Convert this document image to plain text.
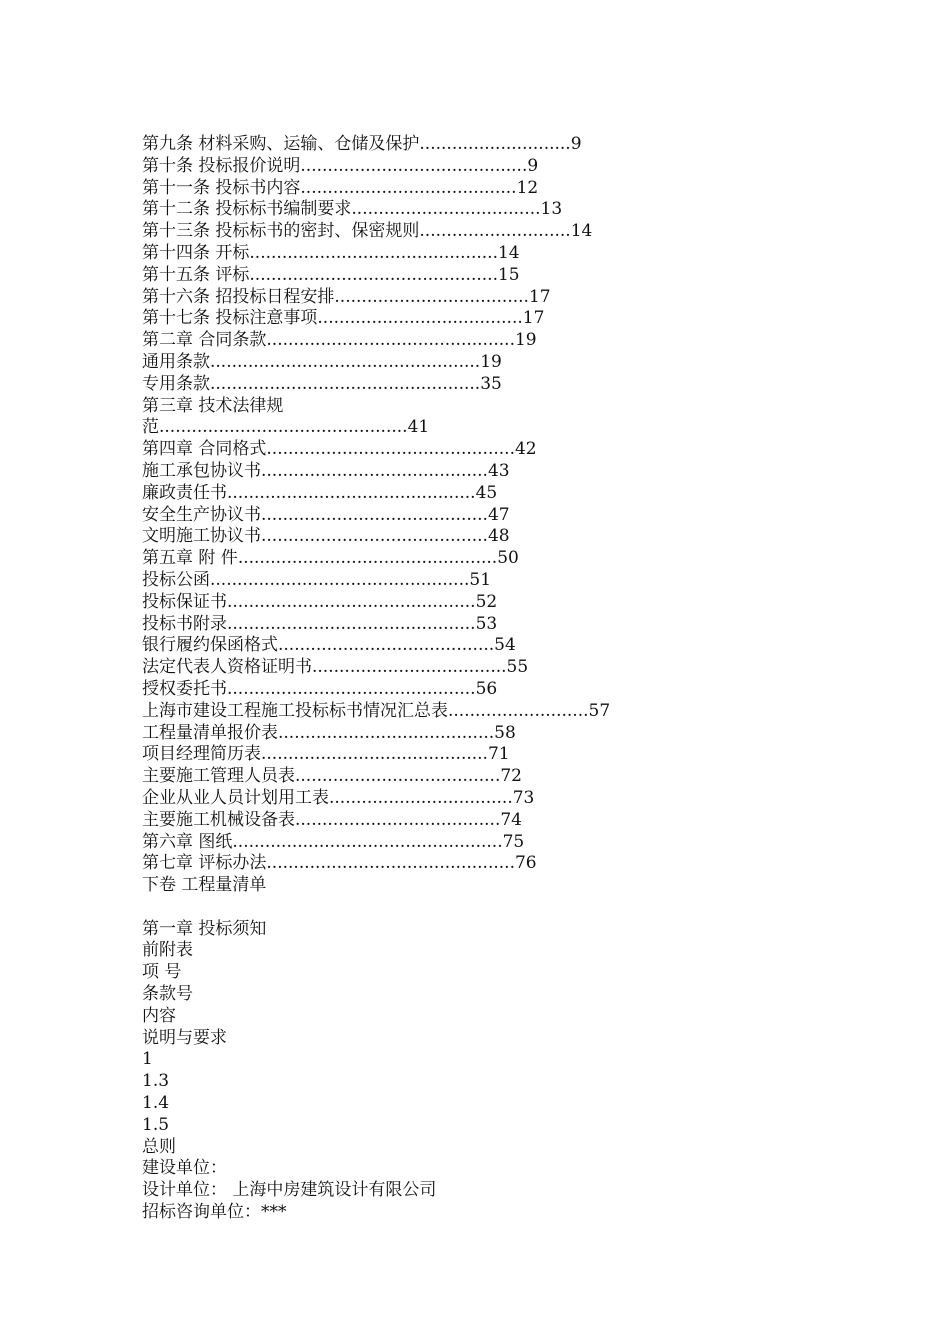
第九条 材料采购、运输、仓储及保护............................9
第十条 投标报价说明..........................................9
第十一条 投标书内容........................................12
第十二条 投标标书编制要求...................................13
第十三条 投标标书的密封、保密规则............................14
第十四条 开标..............................................14
第十五条 评标..............................................15
第十六条 招投标日程安排....................................17
第十七条 投标注意事项......................................17
第二章 合同条款..............................................19
通用条款..................................................19
专用条款..................................................35
第三章 技术法律规
范..............................................41
第四章 合同格式..............................................42
施工承包协议书..........................................43
廉政责任书..............................................45
安全生产协议书..........................................47
文明施工协议书..........................................48
第五章 附 件................................................50
投标公函................................................51
投标保证书..............................................52
投标书附录..............................................53
银行履约保函格式........................................54
法定代表人资格证明书....................................55
授权委托书..............................................56
上海市建设工程施工投标标书情况汇总表..........................57
工程量清单报价表........................................58
项目经理简历表..........................................71
主要施工管理人员表......................................72
企业从业人员计划用工表..................................73
主要施工机械设备表......................................74
第六章 图纸..................................................75
第七章 评标办法..............................................76
下卷 工程量清单
第一章 投标须知
前附表
项 号
条款号
内容
说明与要求
1
1.3
1.4
1.5
总则
建设单位：
设计单位： 上海中房建筑设计有限公司
招标咨询单位：***
